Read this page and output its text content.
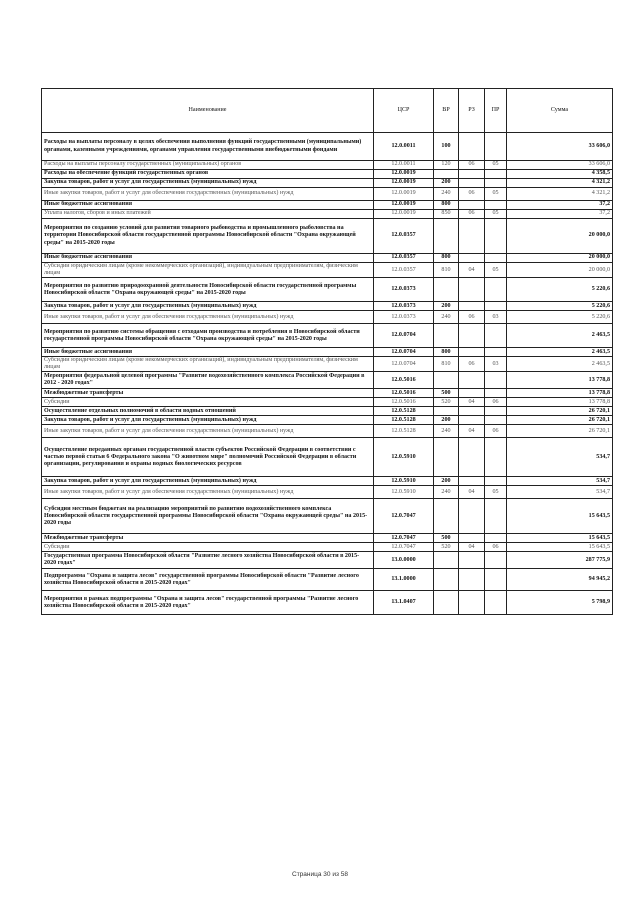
Наименование	ЦСР	ВР	РЗ	ПР	Сумма
Расходы на выплаты персоналу в целях обеспечения выполнения функций государственными (муниципальными) органами, казенными учреждениями, органами управления государственными внебюджетными фондами	12.0.0011	100			33 606,0
Расходы на выплаты персоналу государственных (муниципальных) органов	12.0.0011	120	06	05	33 606,0
Расходы на обеспечение функций государственных органов	12.0.0019				4 358,5
Закупка товаров, работ и услуг для государственных (муниципальных) нужд	12.0.0019	200			4 321,2
Иные закупки товаров, работ и услуг для обеспечения государственных (муниципальных) нужд	12.0.0019	240	06	05	4 321,2
Иные бюджетные ассигнования	12.0.0019	800			37,2
Уплата налогов, сборов и иных платежей	12.0.0019	850	06	05	37,2
Мероприятия по созданию условий для развития товарного рыбоводства и промышленного рыболовства на территории Новосибирской области государственной программы Новосибирской области "Охрана окружающей среды" на 2015-2020 годы	12.0.0357				20 000,0
Иные бюджетные ассигнования	12.0.0357	800			20 000,0
Субсидии юридическим лицам (кроме некоммерческих организаций), индивидуальным предпринимателям, физическим лицам	12.0.0357	810	04	05	20 000,0
Мероприятия по развитию природоохранной деятельности Новосибирской области государственной программы Новосибирской области "Охрана окружающей среды" на 2015-2020 годы	12.0.0373				5 220,6
Закупка товаров, работ и услуг для государственных (муниципальных) нужд	12.0.0373	200			5 220,6
Иные закупки товаров, работ и услуг для обеспечения государственных (муниципальных) нужд	12.0.0373	240	06	03	5 220,6
Мероприятия по развитию системы обращения с отходами производства и потребления в Новосибирской области государственной программы Новосибирской области "Охрана окружающей среды" на 2015-2020 годы	12.0.0704				2 463,5
Иные бюджетные ассигнования	12.0.0704	800			2 463,5
Субсидии юридическим лицам (кроме некоммерческих организаций), индивидуальным предпринимателям, физическим лицам	12.0.0704	810	06	03	2 463,5
Мероприятия федеральной целевой программы "Развитие водохозяйственного комплекса Российской Федерации в 2012 - 2020 годах"	12.0.5016				13 778,8
Межбюджетные трансферты	12.0.5016	500			13 778,8
Субсидии	12.0.5016	520	04	06	13 778,8
Осуществление отдельных полномочий в области водных отношений	12.0.5128				26 720,1
Закупка товаров, работ и услуг для государственных (муниципальных) нужд	12.0.5128	200			26 720,1
Иные закупки товаров, работ и услуг для обеспечения государственных (муниципальных) нужд	12.0.5128	240	04	06	26 720,1
Осуществление переданных органам государственной власти субъектов Российской Федерации в соответствии с частью первой статьи 6 Федерального закона "О животном мире" полномочий Российской Федерации в области организации, регулирования и охраны водных биологических ресурсов	12.0.5910				534,7
Закупка товаров, работ и услуг для государственных (муниципальных) нужд	12.0.5910	200			534,7
Иные закупки товаров, работ и услуг для обеспечения государственных (муниципальных) нужд	12.0.5910	240	04	05	534,7
Субсидии местным бюджетам на реализацию мероприятий по развитию водохозяйственного комплекса Новосибирской области государственной программы Новосибирской области "Охрана окружающей среды" на 2015-2020 годы	12.0.7047				15 643,5
Межбюджетные трансферты	12.0.7047	500			15 643,5
Субсидии	12.0.7047	520	04	06	15 643,5
Государственная программа Новосибирской области "Развитие лесного хозяйства Новосибирской области в 2015-2020 годах"	13.0.0000				287 775,9
Подпрограмма "Охрана и защита лесов" государственной программы Новосибирской области "Развитие лесного хозяйства Новосибирской области в 2015-2020 годах"	13.1.0000				94 945,2
Мероприятия в рамках подпрограммы "Охрана и защита лесов" государственной программы "Развитие лесного хозяйства Новосибирской области в 2015-2020 годах"	13.1.0407				5 798,9
Страница 30 из 58
